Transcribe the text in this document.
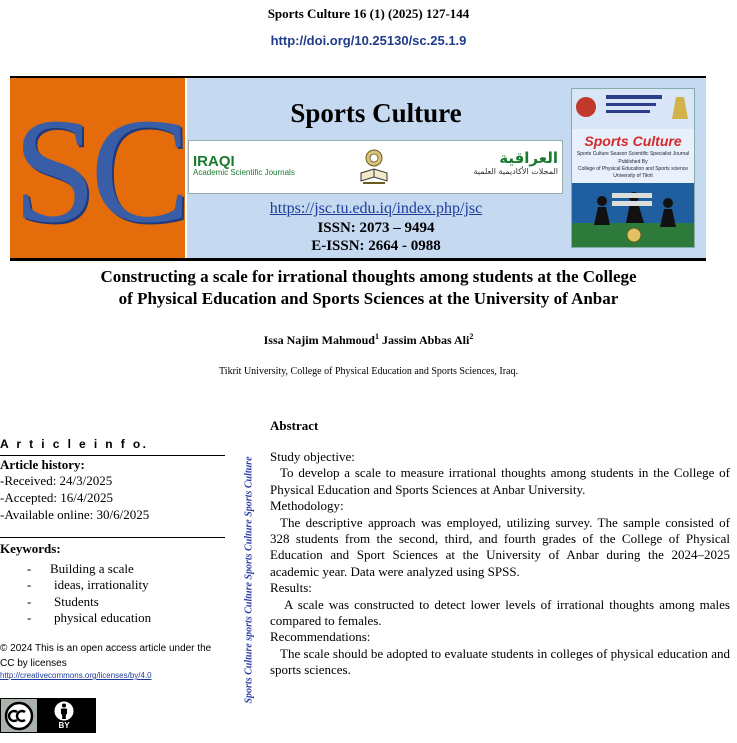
Sports Culture 16 (1) (2025) 127-144
http://doi.org/10.25130/sc.25.1.9
SC	Sports Culture
IRAQI
Academic Scientific Journals
العراقية
المجلات الأكاديمية العلمية
https://jsc.tu.edu.iq/index.php/jsc
ISSN: 2073 – 9494
E-ISSN: 2664 - 0988
Sports Culture
Sports Culture Season Scientific Specialist Journal
Published By
College of Physical Education and Sports science
University of Tikrit
Constructing a scale for irrational thoughts among students at the College
of Physical Education and Sports Sciences at the University of Anbar
Issa Najim Mahmoud$^1$ Jassim Abbas Ali$^2$
Tikrit University, College of Physical Education and Sports Sciences, Iraq.
A r t i c l e i n f o.
Article history:
-Received: 24/3/2025
-Accepted: 16/4/2025
-Available online: 30/6/2025
Keywords:
- Building a scale
- ideas, irrationality
- Students
- physical education
© 2024 This is an open access article under the CC by licenses
http://creativecommons.org/licenses/by/4.0
BY
Sports Culture sports Culture Sports Culture Sports Culture
Abstract

Study objective:

To develop a scale to measure irrational thoughts among students in the College of Physical Education and Sports Sciences at Anbar University.

Methodology:

The descriptive approach was employed, utilizing survey. The sample consisted of 328 students from the second, third, and fourth grades of the College of Physical Education and Sport Sciences at the University of Anbar during the 2024–2025 academic year. Data were analyzed using SPSS.

Results:

A scale was constructed to detect lower levels of irrational thoughts among males compared to females.

Recommendations:

The scale should be adopted to evaluate students in colleges of physical education and sports sciences.
